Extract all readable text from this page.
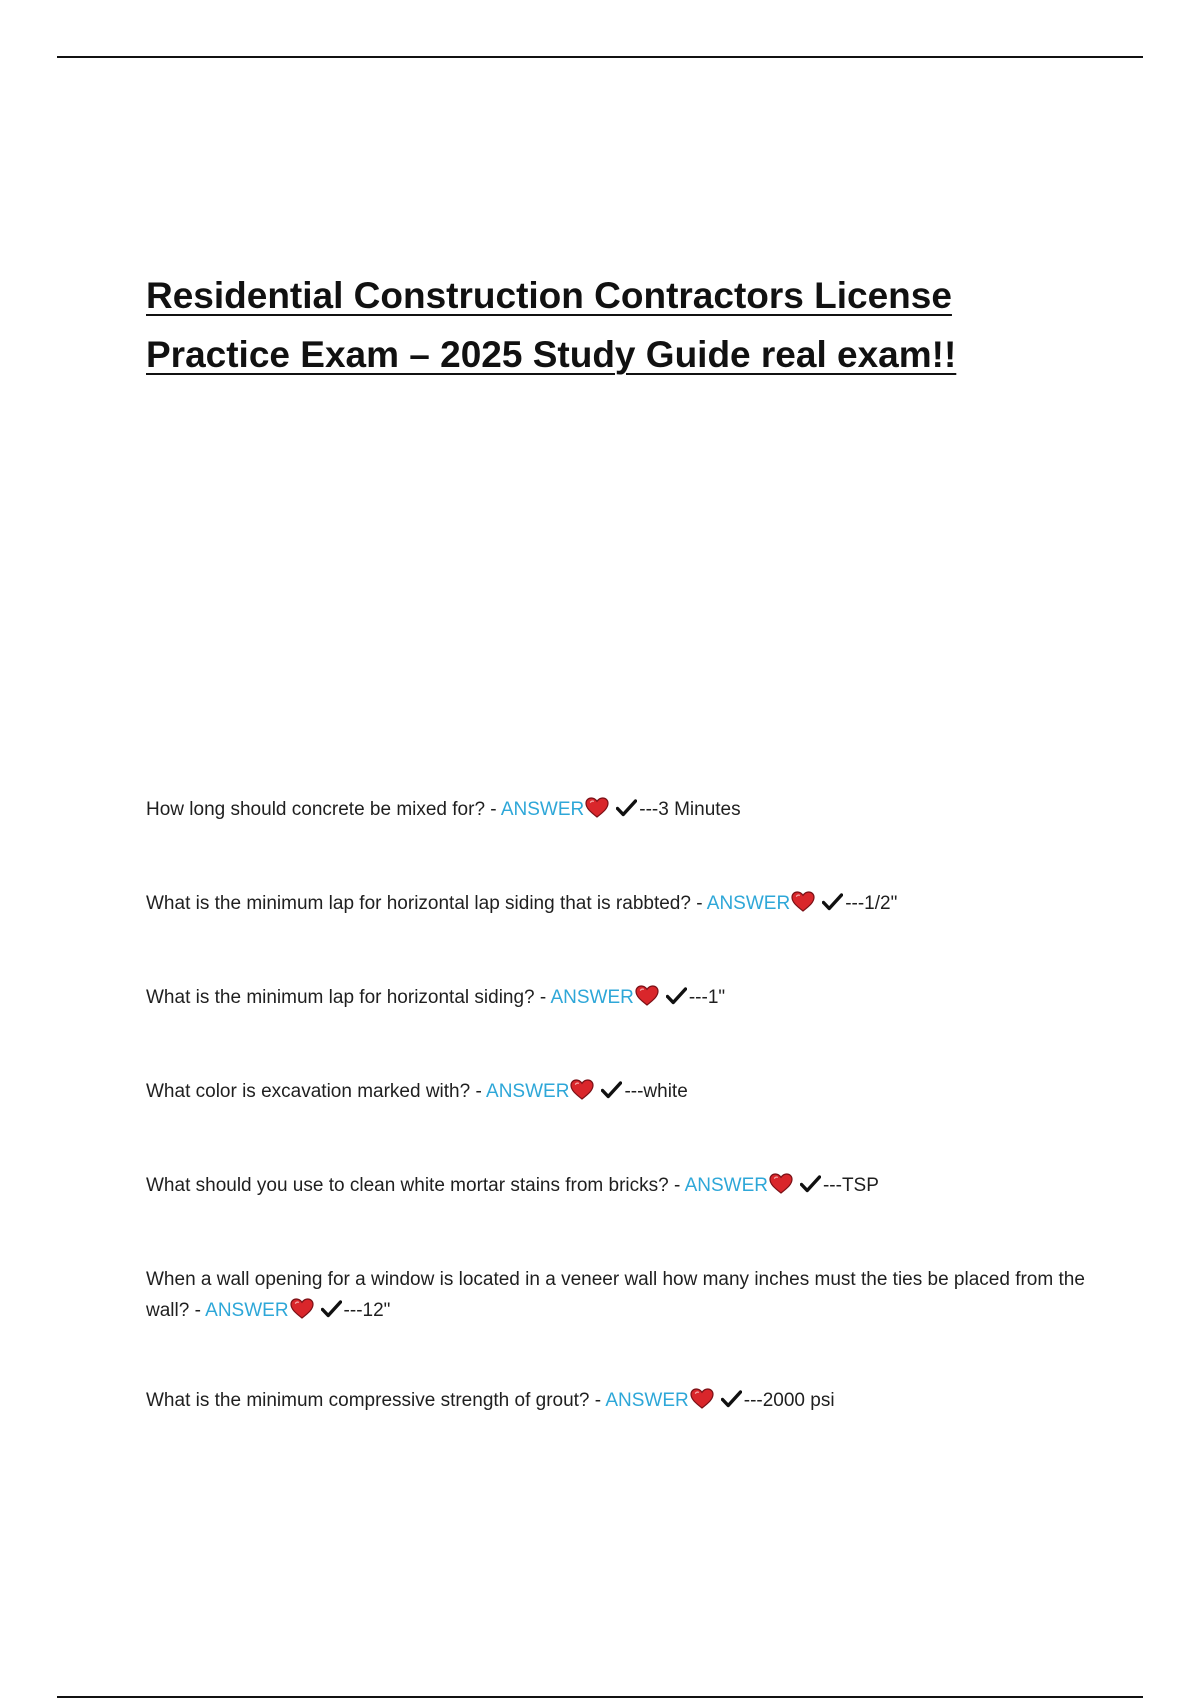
Residential Construction Contractors License
Practice Exam – 2025 Study Guide real exam!!
How long should concrete be mixed for? - ANSWER	---3 Minutes
What is the minimum lap for horizontal lap siding that is rabbted? - ANSWER	---1/2"
What is the minimum lap for horizontal siding? - ANSWER	---1"
What color is excavation marked with? - ANSWER	---white
What should you use to clean white mortar stains from bricks? - ANSWER	---TSP
When a wall opening for a window is located in a veneer wall how many inches must the ties be placed from the wall? - ANSWER	---12"
What is the minimum compressive strength of grout? - ANSWER	---2000 psi
